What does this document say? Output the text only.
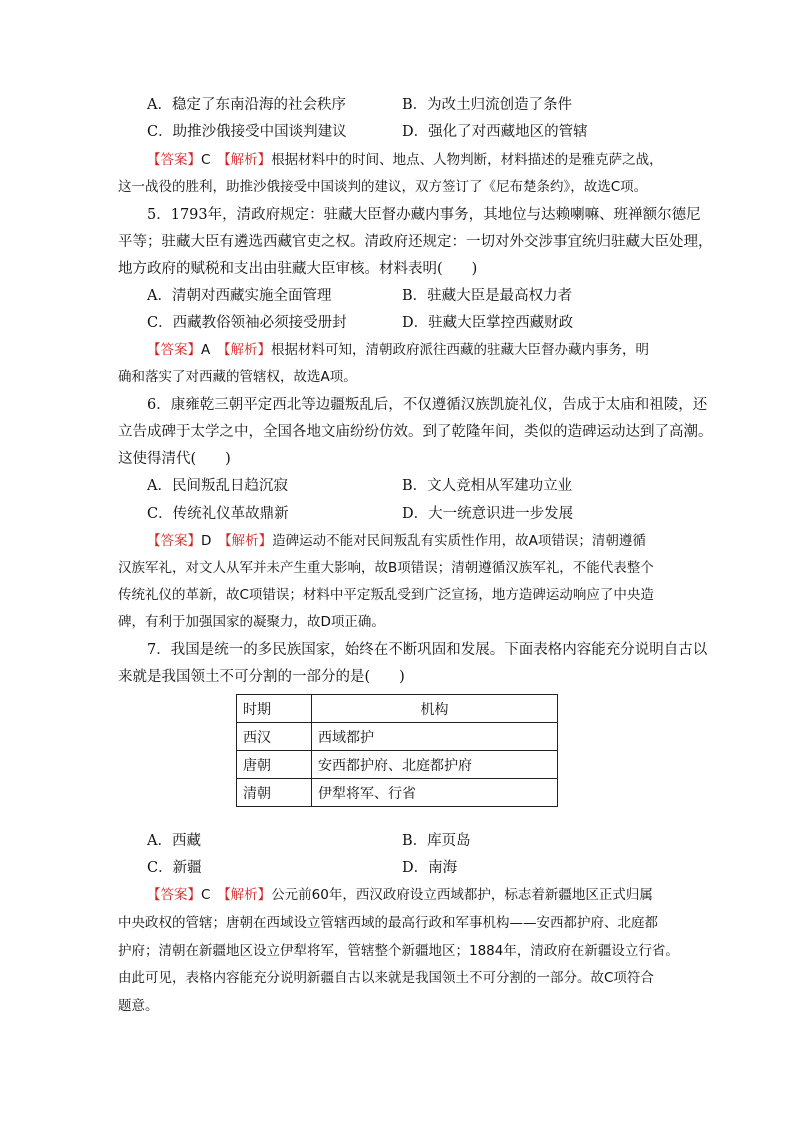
A．稳定了东南沿海的社会秩序	B．为改土归流创造了条件
C．助推沙俄接受中国谈判建议	D．强化了对西藏地区的管辖
【答案】C　 【解析】根据材料中的时间、地点、人物判断，材料描述的是雅克萨之战，
这一战役的胜利，助推沙俄接受中国谈判的建议，双方签订了《尼布楚条约》，故选C项。
5．1793年，清政府规定：驻藏大臣督办藏内事务，其地位与达赖喇嘛、班禅额尔德尼
平等；驻藏大臣有遴选西藏官吏之权。清政府还规定：一切对外交涉事宜统归驻藏大臣处理，
地方政府的赋税和支出由驻藏大臣审核。材料表明(　　)
A．清朝对西藏实施全面管理	B．驻藏大臣是最高权力者
C．西藏教俗领袖必须接受册封	D．驻藏大臣掌控西藏财政
【答案】A　 【解析】根据材料可知，清朝政府派往西藏的驻藏大臣督办藏内事务，明
确和落实了对西藏的管辖权，故选A项。
6．康雍乾三朝平定西北等边疆叛乱后，不仅遵循汉族凯旋礼仪，告成于太庙和祖陵，还
立告成碑于太学之中，全国各地文庙纷纷仿效。到了乾隆年间，类似的造碑运动达到了高潮。
这使得清代(　　)
A．民间叛乱日趋沉寂	B．文人竞相从军建功立业
C．传统礼仪革故鼎新	D．大一统意识进一步发展
【答案】D　 【解析】造碑运动不能对民间叛乱有实质性作用，故A项错误；清朝遵循
汉族军礼，对文人从军并未产生重大影响，故B项错误；清朝遵循汉族军礼，不能代表整个
传统礼仪的革新，故C项错误；材料中平定叛乱受到广泛宣扬，地方造碑运动响应了中央造
碑，有利于加强国家的凝聚力，故D项正确。
7．我国是统一的多民族国家，始终在不断巩固和发展。下面表格内容能充分说明自古以
来就是我国领土不可分割的一部分的是(　　)
时期	机构
西汉	西域都护
唐朝	安西都护府、北庭都护府
清朝	伊犁将军、行省
A．西藏	B．库页岛
C．新疆	D．南海
【答案】C　 【解析】公元前60年，西汉政府设立西域都护，标志着新疆地区正式归属
中央政权的管辖；唐朝在西域设立管辖西域的最高行政和军事机构——安西都护府、北庭都
护府；清朝在新疆地区设立伊犁将军，管辖整个新疆地区；1884年，清政府在新疆设立行省。
由此可见，表格内容能充分说明新疆自古以来就是我国领土不可分割的一部分。故C项符合
题意。
